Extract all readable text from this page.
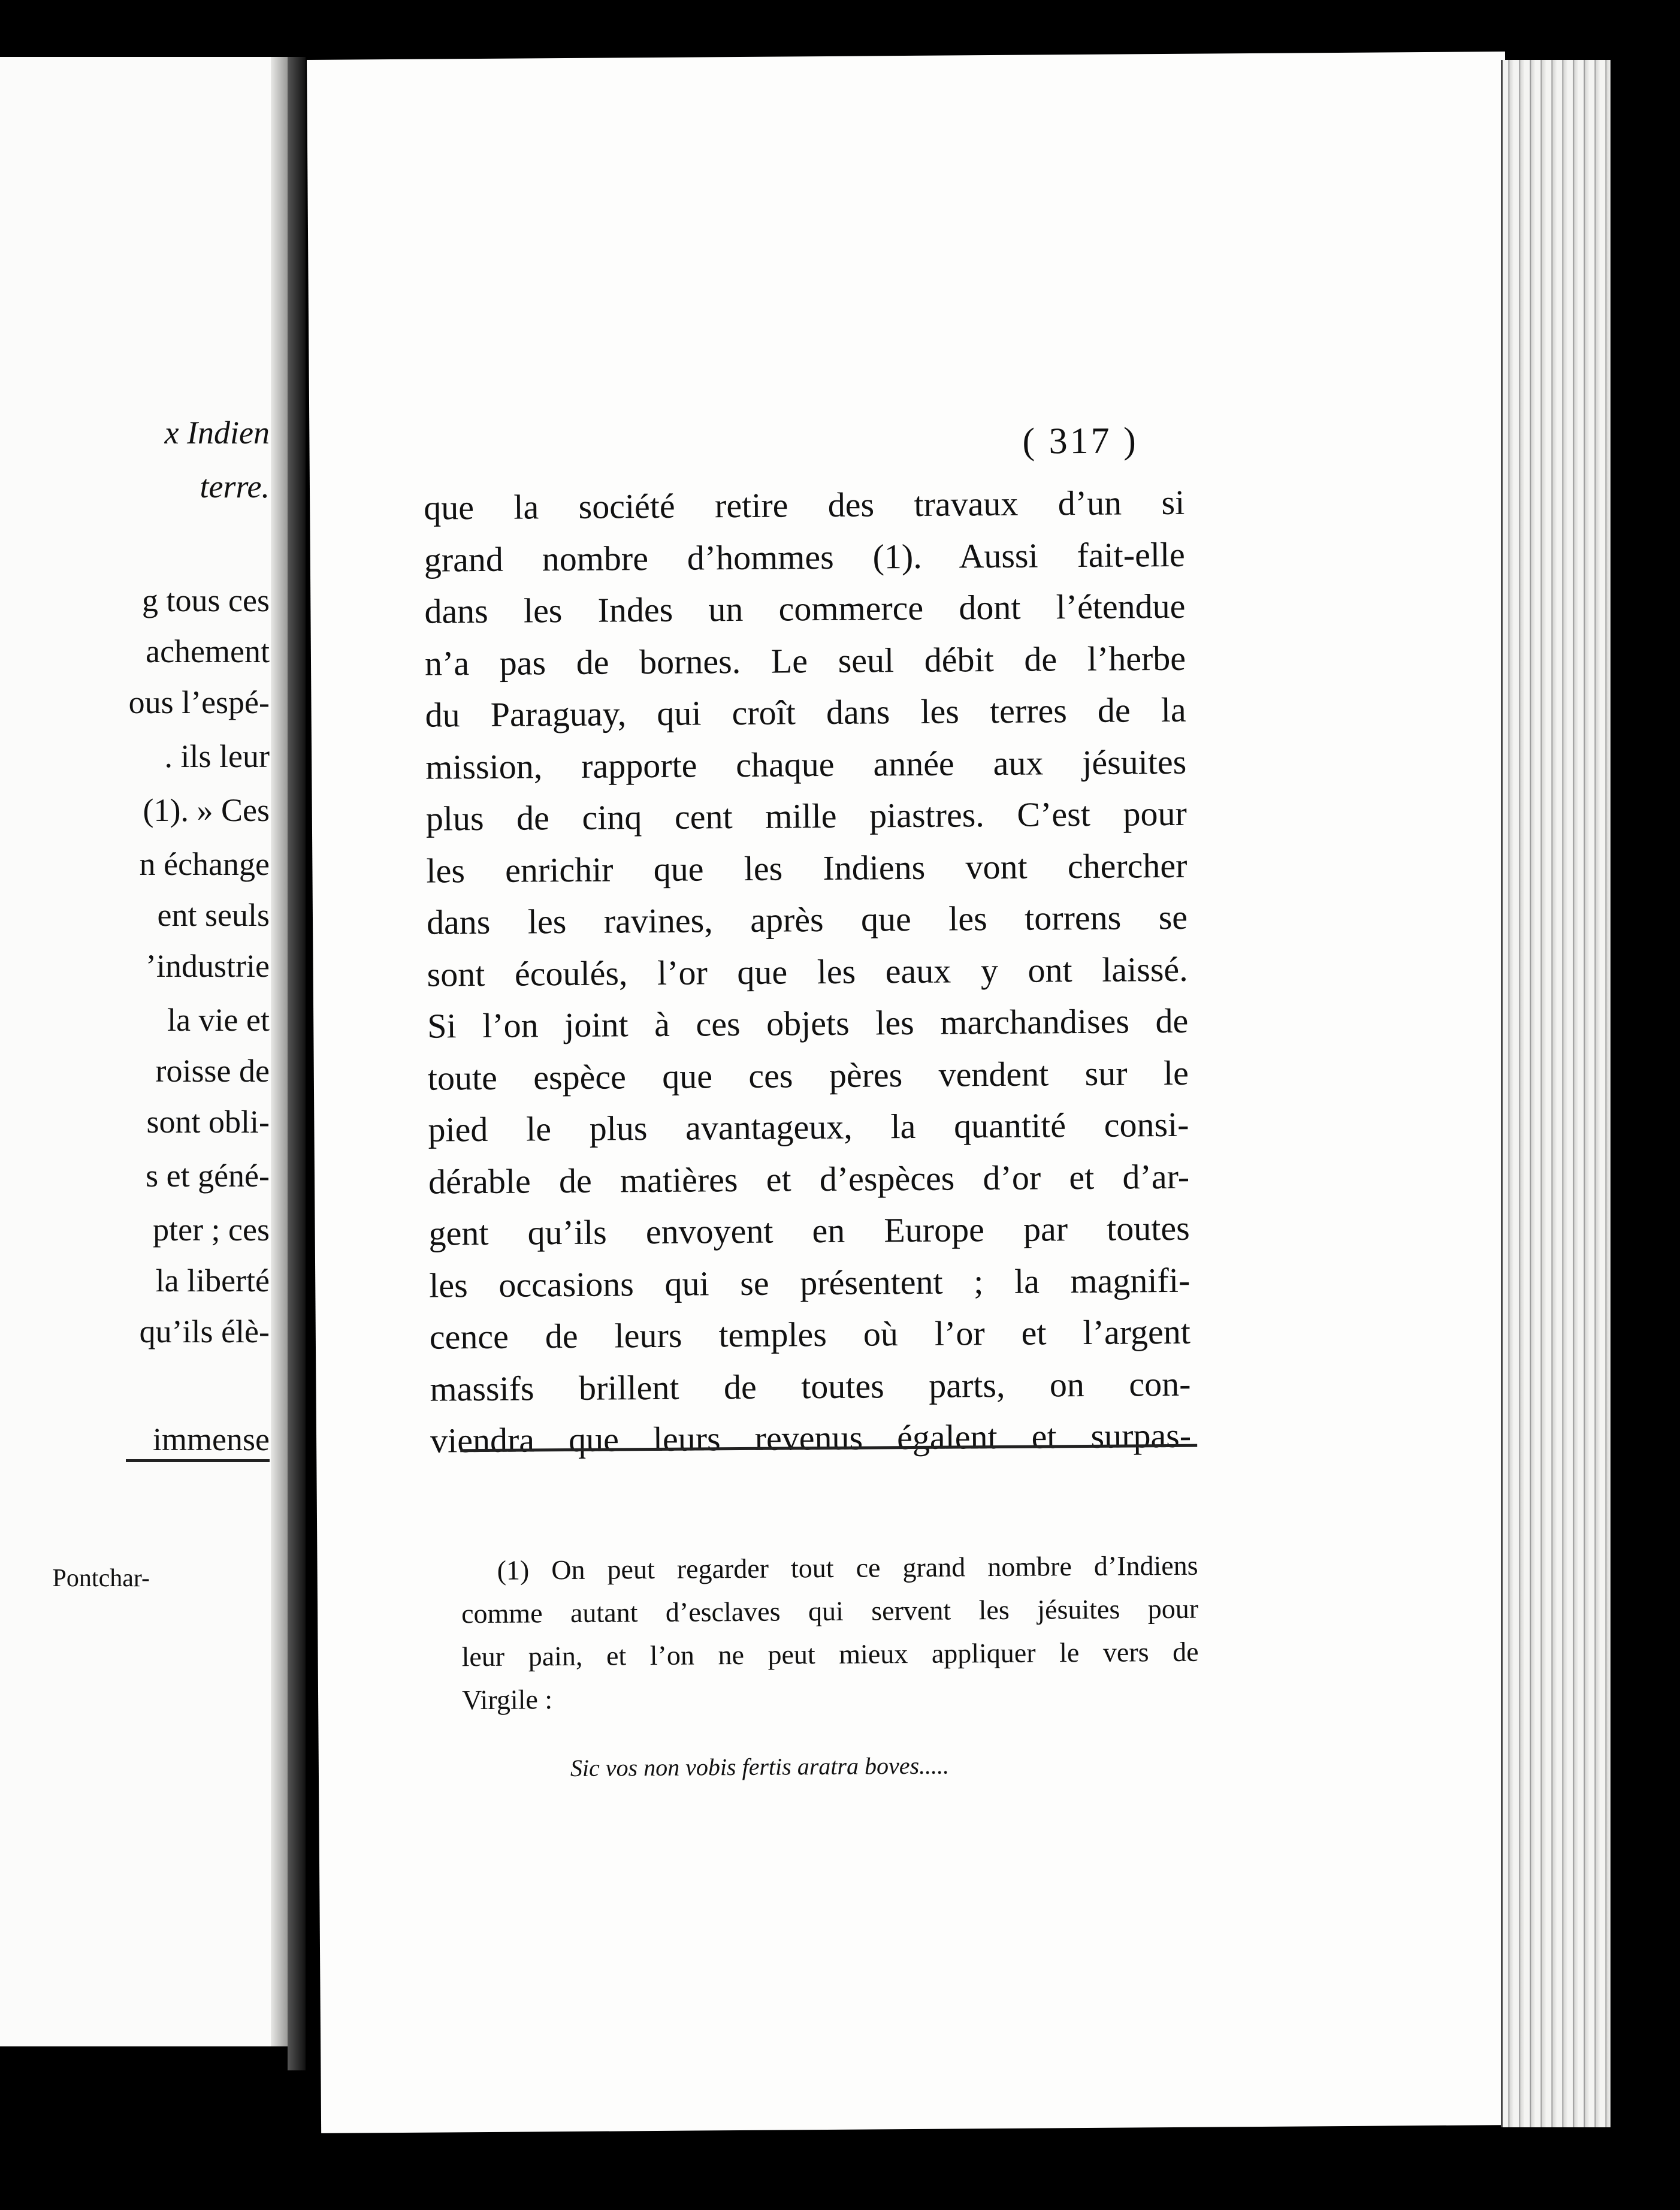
x Indien
terre.
g tous ces
achement
ous l’espé-
. ils leur
(1). » Ces
n échange
ent seuls
’industrie
la vie et
roisse de
sont obli-
s et géné-
pter ; ces
la liberté
qu’ils élè-
immense
Pontchar-
( 317 )
que la société retire des travaux d’un si
grand nombre d’hommes (1). Aussi fait-elle
dans les Indes un commerce dont l’étendue
n’a pas de bornes. Le seul débit de l’herbe
du Paraguay, qui croît dans les terres de la
mission, rapporte chaque année aux jésuites
plus de cinq cent mille piastres. C’est pour
les enrichir que les Indiens vont chercher
dans les ravines, après que les torrens se
sont écoulés, l’or que les eaux y ont laissé.
Si l’on joint à ces objets les marchandises de
toute espèce que ces pères vendent sur le
pied le plus avantageux, la quantité consi-
dérable de matières et d’espèces d’or et d’ar-
gent qu’ils envoyent en Europe par toutes
les occasions qui se présentent ; la magnifi-
cence de leurs temples où l’or et l’argent
massifs brillent de toutes parts, on con-
viendra que leurs revenus égalent et surpas-
(1) On peut regarder tout ce grand nombre d’Indiens
comme autant d’esclaves qui servent les jésuites pour
leur pain, et l’on ne peut mieux appliquer le vers de
Virgile :
Sic vos non vobis fertis aratra boves.....
